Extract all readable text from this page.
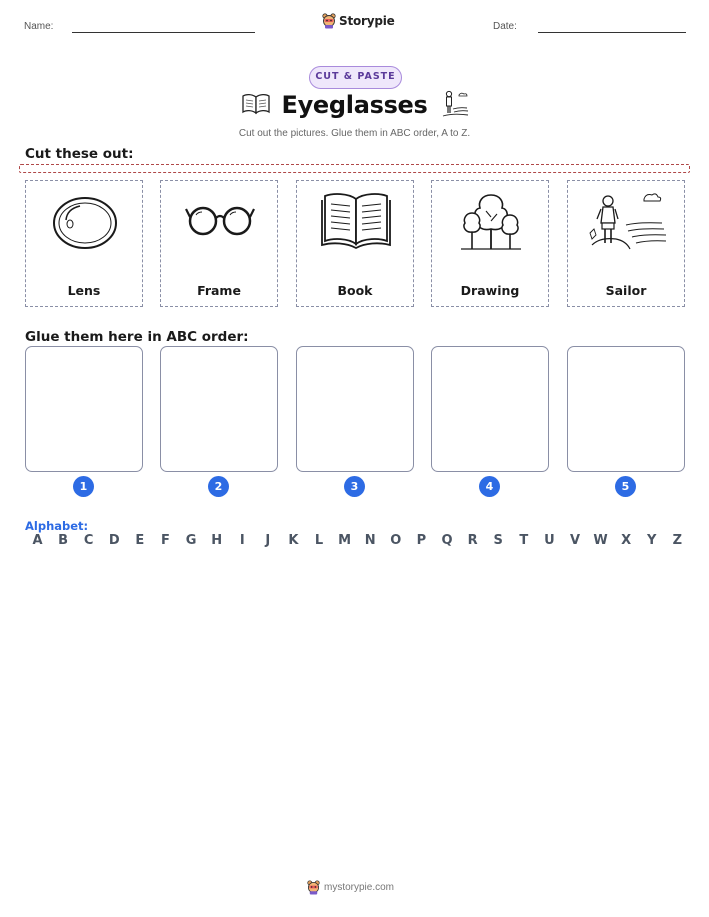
Name:	Storypie	Date:
CUT & PASTE
Eyeglasses
Cut out the pictures. Glue them in ABC order, A to Z.
Cut these out:
Lens	Frame	Book	Drawing	Sailor
Glue them here in ABC order:
1	2	3	4	5
Alphabet:
A	B	C	D	E	F	G	H	I	J	K	L	M	N	O	P	Q	R	S	T	U	V	W	X	Y	Z
mystorypie.com
